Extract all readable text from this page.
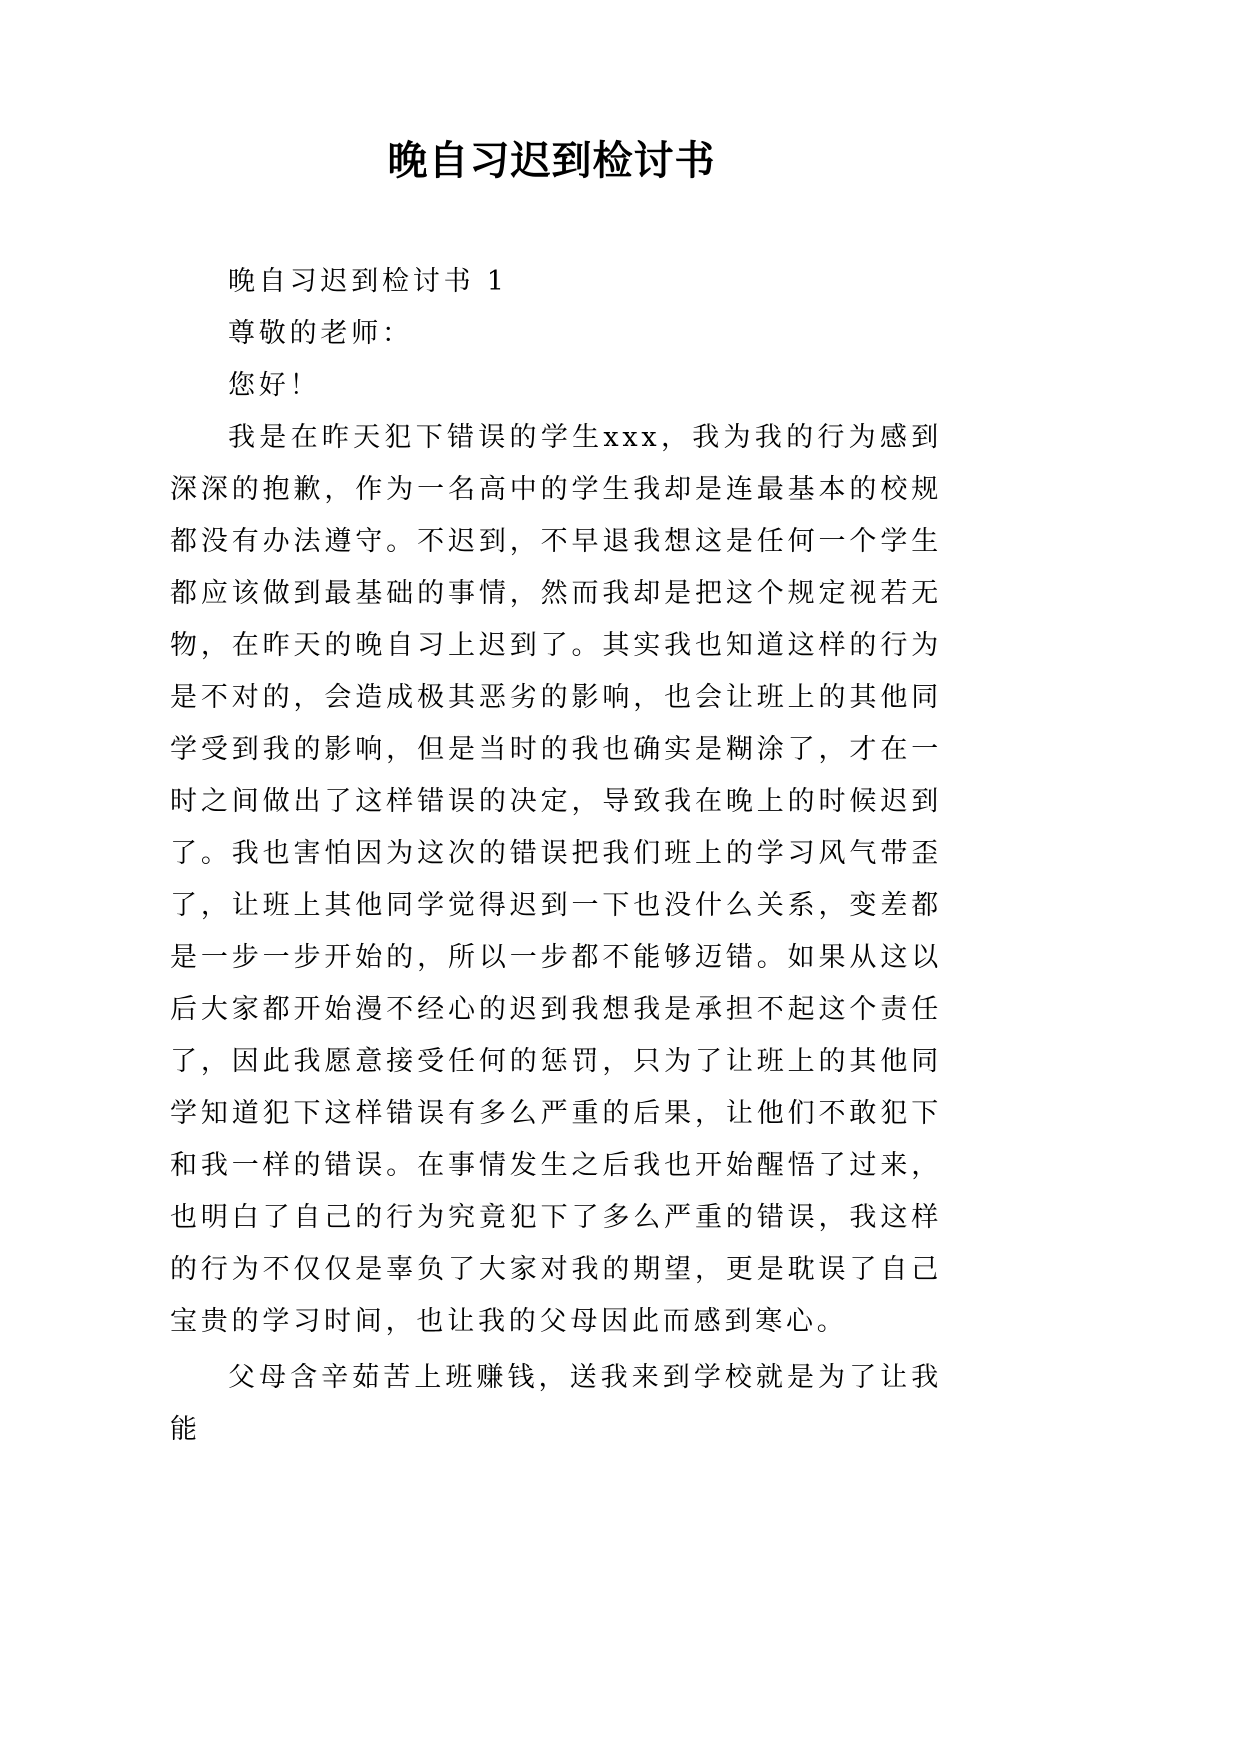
晚自习迟到检讨书

晚自习迟到检讨书 1

尊敬的老师：

您好！

我是在昨天犯下错误的学生xxx，我为我的行为感到深深的抱歉，作为一名高中的学生我却是连最基本的校规都没有办法遵守。不迟到，不早退我想这是任何一个学生都应该做到最基础的事情，然而我却是把这个规定视若无物，在昨天的晚自习上迟到了。其实我也知道这样的行为是不对的，会造成极其恶劣的影响，也会让班上的其他同学受到我的影响，但是当时的我也确实是糊涂了，才在一时之间做出了这样错误的决定，导致我在晚上的时候迟到了。我也害怕因为这次的错误把我们班上的学习风气带歪了，让班上其他同学觉得迟到一下也没什么关系，变差都是一步一步开始的，所以一步都不能够迈错。如果从这以后大家都开始漫不经心的迟到我想我是承担不起这个责任了，因此我愿意接受任何的惩罚，只为了让班上的其他同学知道犯下这样错误有多么严重的后果，让他们不敢犯下和我一样的错误。在事情发生之后我也开始醒悟了过来，也明白了自己的行为究竟犯下了多么严重的错误，我这样的行为不仅仅是辜负了大家对我的期望，更是耽误了自己宝贵的学习时间，也让我的父母因此而感到寒心。

父母含辛茹苦上班赚钱，送我来到学校就是为了让我能
